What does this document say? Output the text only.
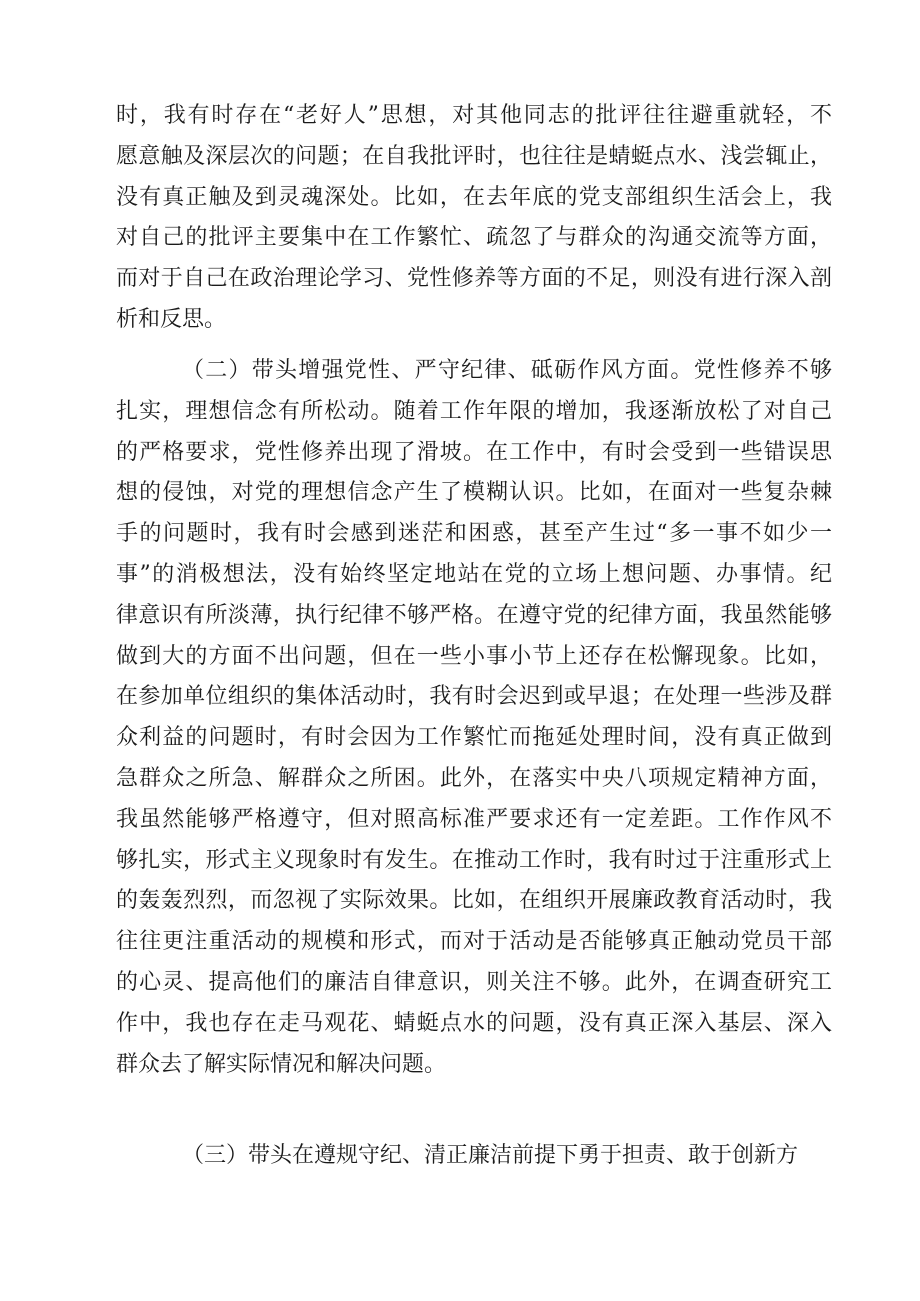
时，我有时存在“老好人”思想，对其他同志的批评往往避重就轻，不
愿意触及深层次的问题；在自我批评时，也往往是蜻蜓点水、浅尝辄止，
没有真正触及到灵魂深处。比如，在去年底的党支部组织生活会上，我
对自己的批评主要集中在工作繁忙、疏忽了与群众的沟通交流等方面，
而对于自己在政治理论学习、党性修养等方面的不足，则没有进行深入剖
析和反思。
（二）带头增强党性、严守纪律、砥砺作风方面。党性修养不够
扎实，理想信念有所松动。随着工作年限的增加，我逐渐放松了对自己
的严格要求，党性修养出现了滑坡。在工作中，有时会受到一些错误思
想的侵蚀，对党的理想信念产生了模糊认识。比如，在面对一些复杂棘
手的问题时，我有时会感到迷茫和困惑，甚至产生过“多一事不如少一
事”的消极想法，没有始终坚定地站在党的立场上想问题、办事情。纪
律意识有所淡薄，执行纪律不够严格。在遵守党的纪律方面，我虽然能够
做到大的方面不出问题，但在一些小事小节上还存在松懈现象。比如，
在参加单位组织的集体活动时，我有时会迟到或早退；在处理一些涉及群
众利益的问题时，有时会因为工作繁忙而拖延处理时间，没有真正做到
急群众之所急、解群众之所困。此外，在落实中央八项规定精神方面，
我虽然能够严格遵守，但对照高标准严要求还有一定差距。工作作风不
够扎实，形式主义现象时有发生。在推动工作时，我有时过于注重形式上
的轰轰烈烈，而忽视了实际效果。比如，在组织开展廉政教育活动时，我
往往更注重活动的规模和形式，而对于活动是否能够真正触动党员干部
的心灵、提高他们的廉洁自律意识，则关注不够。此外，在调查研究工
作中，我也存在走马观花、蜻蜓点水的问题，没有真正深入基层、深入
群众去了解实际情况和解决问题。
（三）带头在遵规守纪、清正廉洁前提下勇于担责、敢于创新方
